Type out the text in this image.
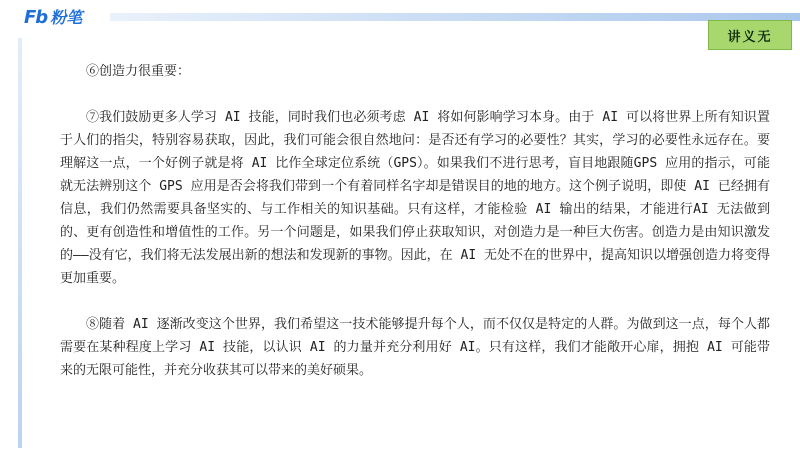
Fb 粉笔
讲义无

⑥创造力很重要：

⑦我们鼓励更多人学习 AI 技能，同时我们也必须考虑 AI 将如何影响学习本身。由于 AI 可以将世界上所有知识置于人们的指尖，特别容易获取，因此，我们可能会很自然地问：是否还有学习的必要性？其实，学习的必要性永远存在。要理解这一点，一个好例子就是将 AI 比作全球定位系统（GPS）。如果我们不进行思考，盲目地跟随GPS 应用的指示，可能就无法辨别这个 GPS 应用是否会将我们带到一个有着同样名字却是错误目的地的地方。这个例子说明，即使 AI 已经拥有信息，我们仍然需要具备坚实的、与工作相关的知识基础。只有这样，才能检验 AI 输出的结果，才能进行AI 无法做到的、更有创造性和增值性的工作。另一个问题是，如果我们停止获取知识，对创造力是一种巨大伤害。创造力是由知识激发的——没有它，我们将无法发展出新的想法和发现新的事物。因此，在 AI 无处不在的世界中，提高知识以增强创造力将变得更加重要。

⑧随着 AI 逐渐改变这个世界，我们希望这一技术能够提升每个人，而不仅仅是特定的人群。为做到这一点，每个人都需要在某种程度上学习 AI 技能，以认识 AI 的力量并充分利用好 AI。只有这样，我们才能敞开心扉，拥抱 AI 可能带来的无限可能性，并充分收获其可以带来的美好硕果。
